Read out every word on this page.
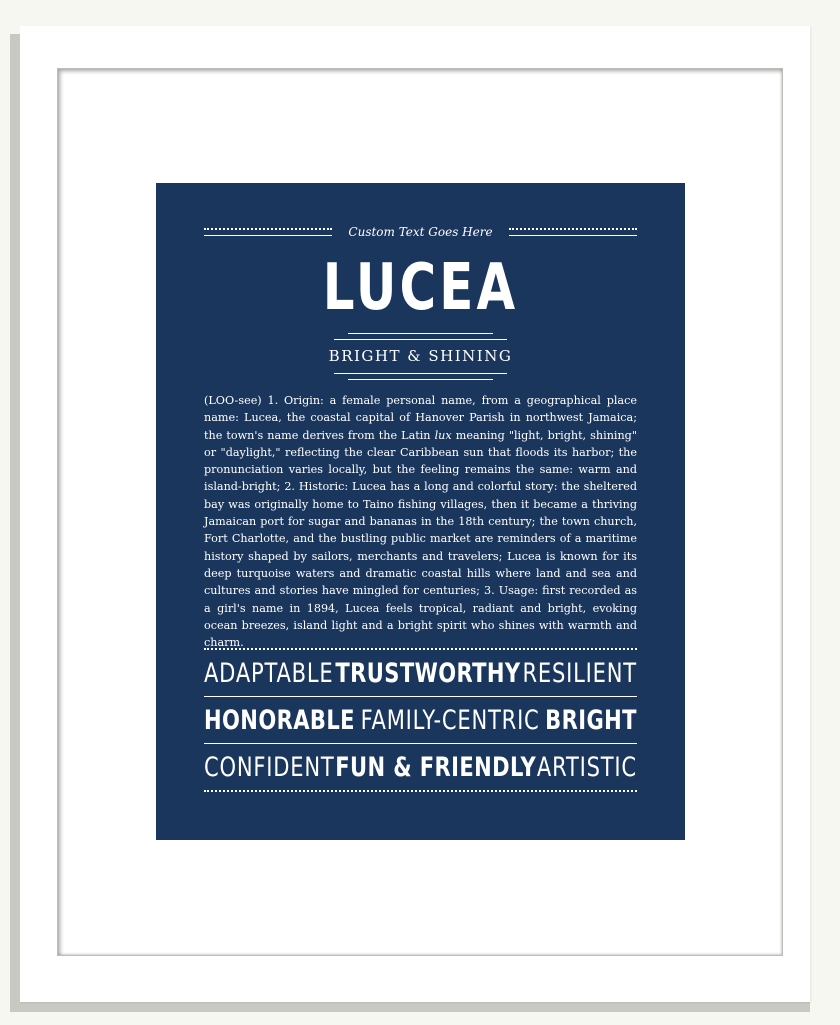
Custom Text Goes Here
LUCEA
BRIGHT & SHINING
(LOO-see) 1. Origin: a female personal name, from a geographical place name: Lucea, the coastal capital of Hanover Parish in northwest Jamaica; the town's name derives from the Latin lux meaning "light, bright, shining" or "daylight," reflecting the clear Caribbean sun that floods its harbor; the pronunciation varies locally, but the feeling remains the same: warm and island-bright; 2. Historic: Lucea has a long and colorful story: the sheltered bay was originally home to Taino fishing villages, then it became a thriving Jamaican port for sugar and bananas in the 18th century; the town church, Fort Charlotte, and the bustling public market are reminders of a maritime history shaped by sailors, merchants and travelers; Lucea is known for its deep turquoise waters and dramatic coastal hills where land and sea and cultures and stories have mingled for centuries; 3. Usage: first recorded as a girl's name in 1894, Lucea feels tropical, radiant and bright, evoking ocean breezes, island light and a bright spirit who shines with warmth and charm.
ADAPTABLE TRUSTWORTHY RESILIENT
HONORABLE FAMILY-CENTRIC BRIGHT
CONFIDENT FUN & FRIENDLY ARTISTIC
